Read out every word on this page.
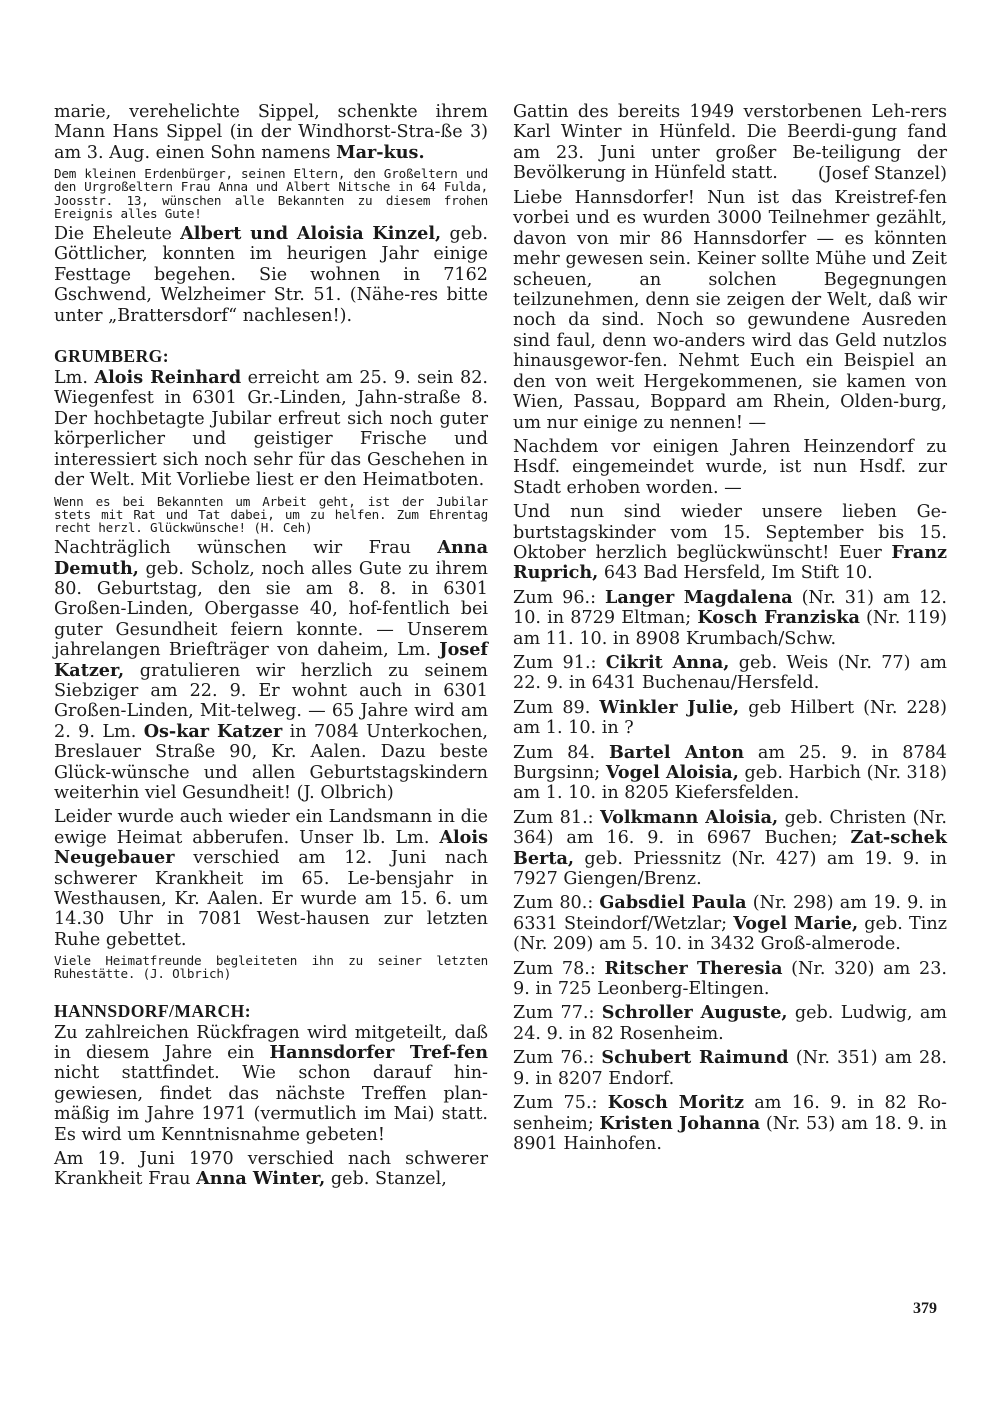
marie, verehelichte Sippel, schenkte ihrem Mann Hans Sippel (in der Windhorst-Stra-ße 3) am 3. Aug. einen Sohn namens Mar-kus.

Dem kleinen Erdenbürger, seinen Eltern, den Großeltern und den Urgroßeltern Frau Anna und Albert Nitsche in 64 Fulda, Joosstr. 13, wünschen alle Bekannten zu diesem frohen Ereignis alles Gute!

Die Eheleute Albert und Aloisia Kinzel, geb. Göttlicher, konnten im heurigen Jahr einige Festtage begehen. Sie wohnen in 7162 Gschwend, Welzheimer Str. 51. (Nähe-res bitte unter „Brattersdorf“ nachlesen!).

GRUMBERG:

Lm. Alois Reinhard erreicht am 25. 9. sein 82. Wiegenfest in 6301 Gr.-Linden, Jahn-straße 8. Der hochbetagte Jubilar erfreut sich noch guter körperlicher und geistiger Frische und interessiert sich noch sehr für das Geschehen in der Welt. Mit Vorliebe liest er den Heimatboten.

Wenn es bei Bekannten um Arbeit geht, ist der Jubilar stets mit Rat und Tat dabei, um zu helfen. Zum Ehrentag recht herzl. Glückwünsche! (H. Ceh)

Nachträglich wünschen wir Frau Anna Demuth, geb. Scholz, noch alles Gute zu ihrem 80. Geburtstag, den sie am 8. 8. in 6301 Großen-Linden, Obergasse 40, hof-fentlich bei guter Gesundheit feiern konnte. — Unserem jahrelangen Briefträger von daheim, Lm. Josef Katzer, gratulieren wir herzlich zu seinem Siebziger am 22. 9. Er wohnt auch in 6301 Großen-Linden, Mit-telweg. — 65 Jahre wird am 2. 9. Lm. Os-kar Katzer in 7084 Unterkochen, Breslauer Straße 90, Kr. Aalen. Dazu beste Glück-wünsche und allen Geburtstagskindern weiterhin viel Gesundheit! (J. Olbrich)

Leider wurde auch wieder ein Landsmann in die ewige Heimat abberufen. Unser lb. Lm. Alois Neugebauer verschied am 12. Juni nach schwerer Krankheit im 65. Le-bensjahr in Westhausen, Kr. Aalen. Er wurde am 15. 6. um 14.30 Uhr in 7081 West-hausen zur letzten Ruhe gebettet.

Viele Heimatfreunde begleiteten ihn zu seiner letzten Ruhestätte. (J. Olbrich)

HANNSDORF/MARCH:

Zu zahlreichen Rückfragen wird mitgeteilt, daß in diesem Jahre ein Hannsdorfer Tref-fen nicht stattfindet. Wie schon darauf hin-gewiesen, findet das nächste Treffen plan-mäßig im Jahre 1971 (vermutlich im Mai) statt. Es wird um Kenntnisnahme gebeten!

Am 19. Juni 1970 verschied nach schwerer Krankheit Frau Anna Winter, geb. Stanzel,

Gattin des bereits 1949 verstorbenen Leh-rers Karl Winter in Hünfeld. Die Beerdi-gung fand am 23. Juni unter großer Be-teiligung der Bevölkerung in Hünfeld statt.	(Josef Stanzel)

Liebe Hannsdorfer! Nun ist das Kreistref-fen vorbei und es wurden 3000 Teilnehmer gezählt, davon von mir 86 Hannsdorfer — es könnten mehr gewesen sein. Keiner sollte Mühe und Zeit scheuen, an solchen Begegnungen teilzunehmen, denn sie zeigen der Welt, daß wir noch da sind. Noch so gewundene Ausreden sind faul, denn wo-anders wird das Geld nutzlos hinausgewor-fen. Nehmt Euch ein Beispiel an den von weit Hergekommenen, sie kamen von Wien, Passau, Boppard am Rhein, Olden-burg, um nur einige zu nennen! —

Nachdem vor einigen Jahren Heinzendorf zu Hsdf. eingemeindet wurde, ist nun Hsdf. zur Stadt erhoben worden. —

Und nun sind wieder unsere lieben Ge-burtstagskinder vom 15. September bis 15. Oktober herzlich beglückwünscht! Euer Franz Ruprich, 643 Bad Hersfeld, Im Stift 10.

Zum 96.: Langer Magdalena (Nr. 31) am 12. 10. in 8729 Eltman; Kosch Franziska (Nr. 119) am 11. 10. in 8908 Krumbach/Schw.

Zum 91.: Cikrit Anna, geb. Weis (Nr. 77) am 22. 9. in 6431 Buchenau/Hersfeld.

Zum 89. Winkler Julie, geb Hilbert (Nr. 228) am 1. 10. in ?

Zum 84. Bartel Anton am 25. 9. in 8784 Burgsinn; Vogel Aloisia, geb. Harbich (Nr. 318) am 1. 10. in 8205 Kiefersfelden.

Zum 81.: Volkmann Aloisia, geb. Christen (Nr. 364) am 16. 9. in 6967 Buchen; Zat-schek Berta, geb. Priessnitz (Nr. 427) am 19. 9. in 7927 Giengen/Brenz.

Zum 80.: Gabsdiel Paula (Nr. 298) am 19. 9. in 6331 Steindorf/Wetzlar; Vogel Marie, geb. Tinz (Nr. 209) am 5. 10. in 3432 Groß-almerode.

Zum 78.: Ritscher Theresia (Nr. 320) am 23. 9. in 725 Leonberg-Eltingen.

Zum 77.: Schroller Auguste, geb. Ludwig, am 24. 9. in 82 Rosenheim.

Zum 76.: Schubert Raimund (Nr. 351) am 28. 9. in 8207 Endorf.

Zum 75.: Kosch Moritz am 16. 9. in 82 Ro-senheim; Kristen Johanna (Nr. 53) am 18. 9. in 8901 Hainhofen.

379
